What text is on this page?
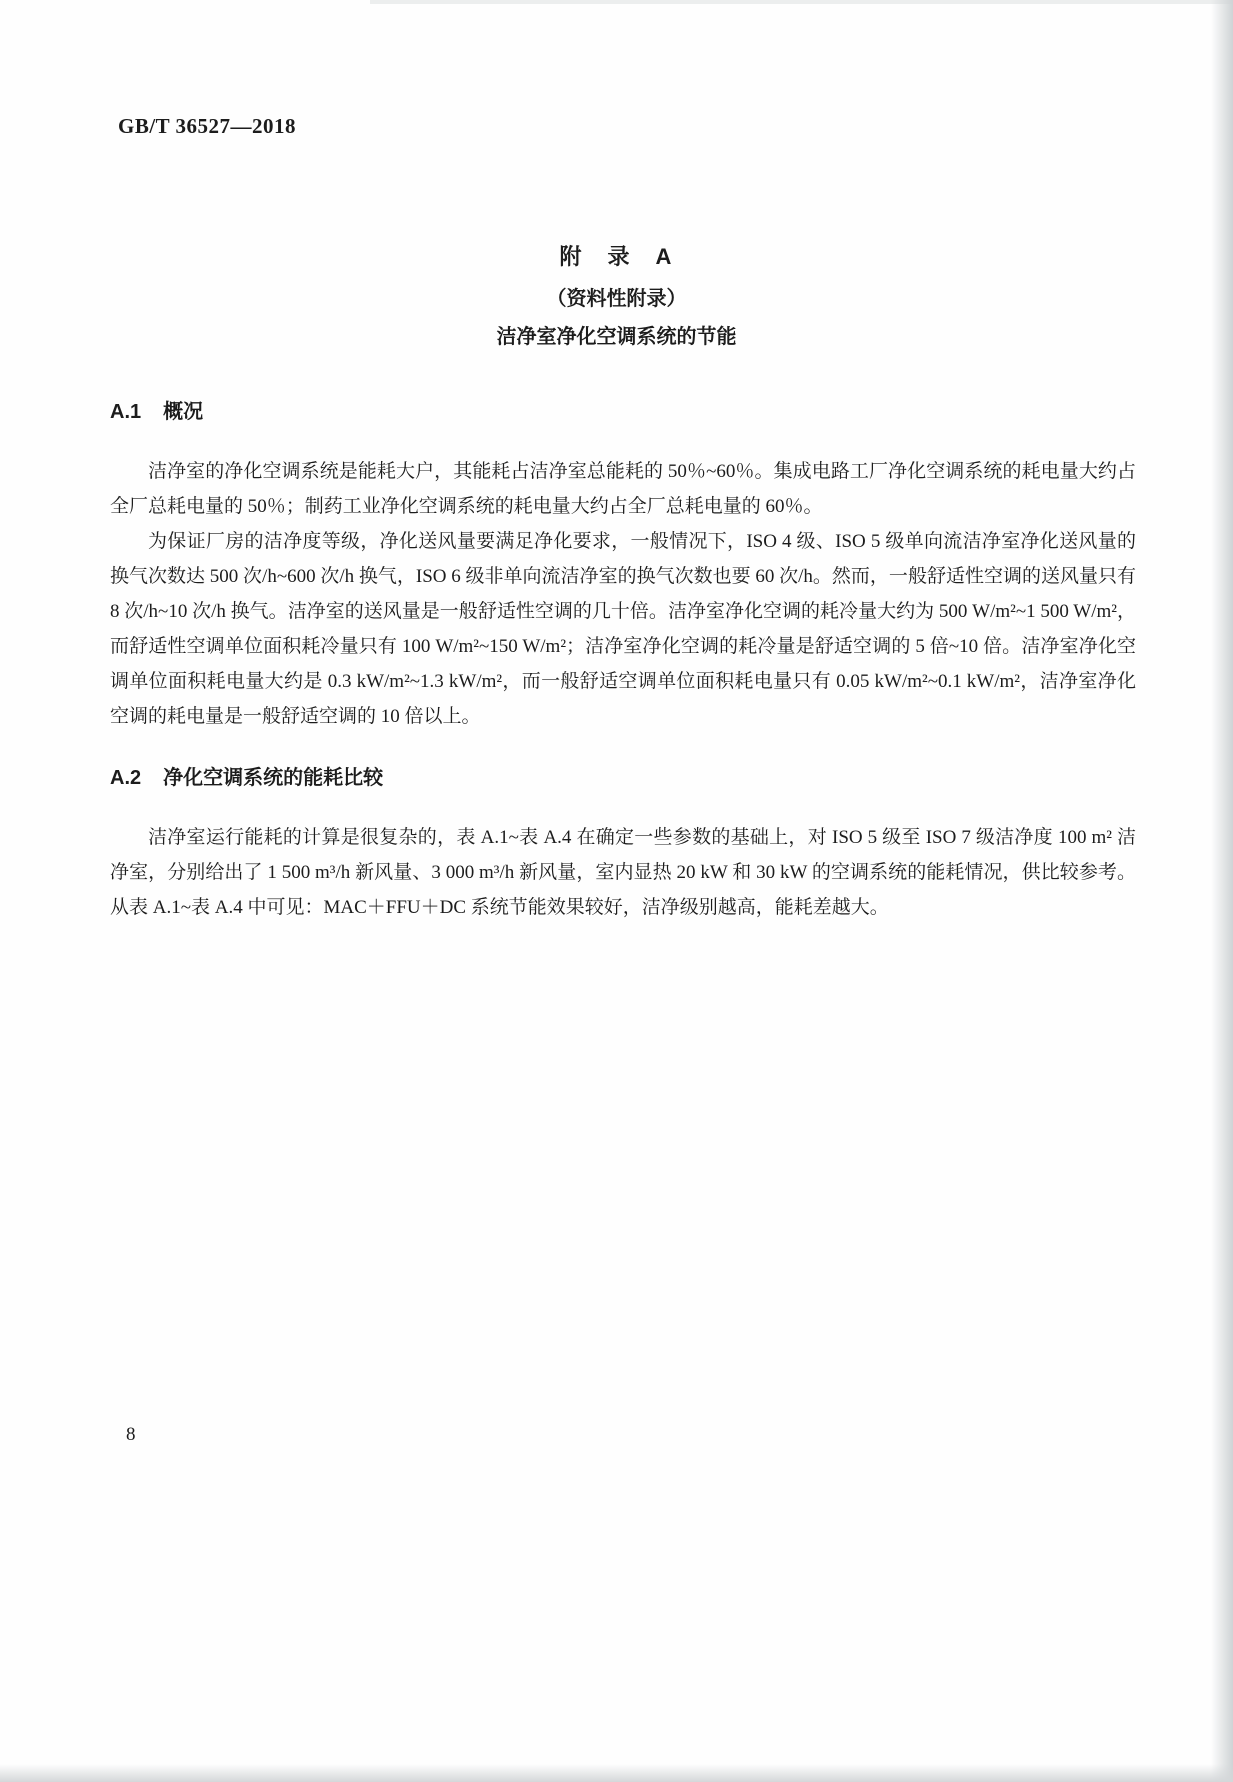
GB/T 36527—2018
附　录　A
（资料性附录）
洁净室净化空调系统的节能
A.1 概况

洁净室的净化空调系统是能耗大户，其能耗占洁净室总能耗的 50％~60％。集成电路工厂净化空调系统的耗电量大约占全厂总耗电量的 50％；制药工业净化空调系统的耗电量大约占全厂总耗电量的 60％。

为保证厂房的洁净度等级，净化送风量要满足净化要求，一般情况下，ISO 4 级、ISO 5 级单向流洁净室净化送风量的换气次数达 500 次/h~600 次/h 换气，ISO 6 级非单向流洁净室的换气次数也要 60 次/h。然而，一般舒适性空调的送风量只有 8 次/h~10 次/h 换气。洁净室的送风量是一般舒适性空调的几十倍。洁净室净化空调的耗冷量大约为 500 W/m²~1 500 W/m²，而舒适性空调单位面积耗冷量只有 100 W/m²~150 W/m²；洁净室净化空调的耗冷量是舒适空调的 5 倍~10 倍。洁净室净化空调单位面积耗电量大约是 0.3 kW/m²~1.3 kW/m²，而一般舒适空调单位面积耗电量只有 0.05 kW/m²~0.1 kW/m²，洁净室净化空调的耗电量是一般舒适空调的 10 倍以上。

A.2 净化空调系统的能耗比较

洁净室运行能耗的计算是很复杂的，表 A.1~表 A.4 在确定一些参数的基础上，对 ISO 5 级至 ISO 7 级洁净度 100 m² 洁净室，分别给出了 1 500 m³/h 新风量、3 000 m³/h 新风量，室内显热 20 kW 和 30 kW 的空调系统的能耗情况，供比较参考。从表 A.1~表 A.4 中可见：MAC＋FFU＋DC 系统节能效果较好，洁净级别越高，能耗差越大。

8
